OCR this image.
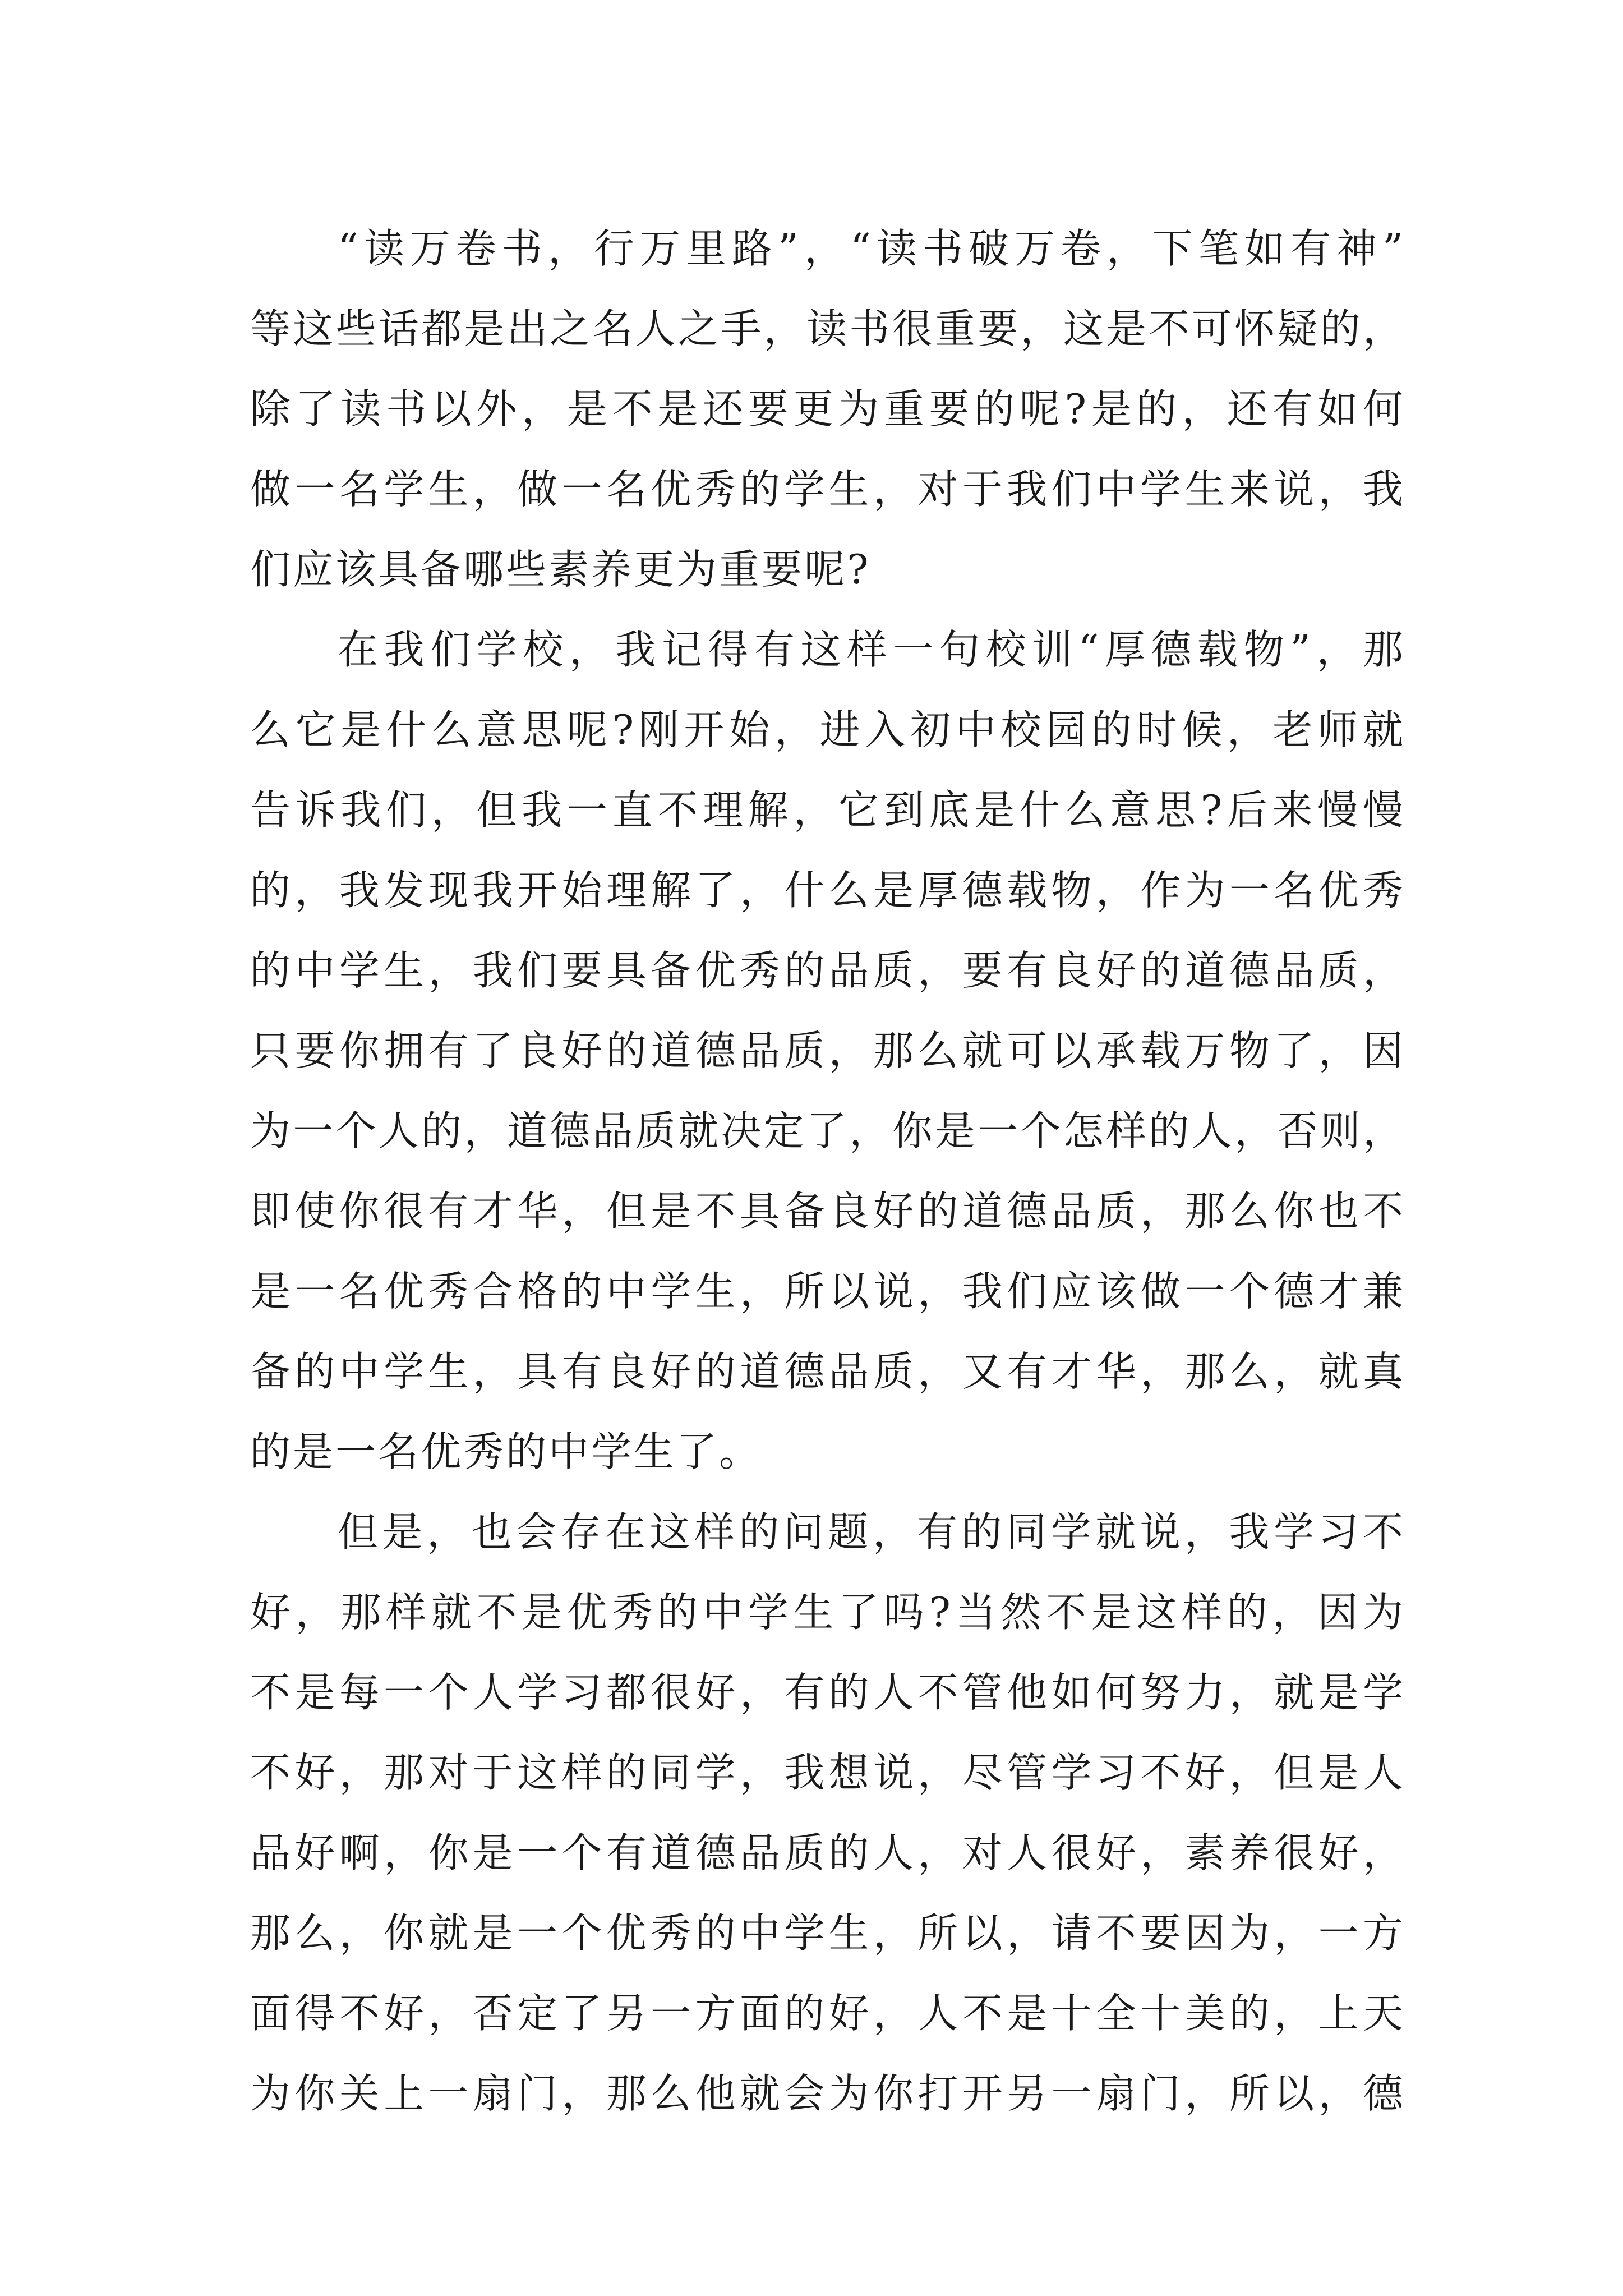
“读万卷书，行万里路”，“读书破万卷，下笔如有神”
等这些话都是出之名人之手，读书很重要，这是不可怀疑的，
除了读书以外，是不是还要更为重要的呢?是的，还有如何
做一名学生，做一名优秀的学生，对于我们中学生来说，我
们应该具备哪些素养更为重要呢?
在我们学校，我记得有这样一句校训“厚德载物”，那
么它是什么意思呢?刚开始，进入初中校园的时候，老师就
告诉我们，但我一直不理解，它到底是什么意思?后来慢慢
的，我发现我开始理解了，什么是厚德载物，作为一名优秀
的中学生，我们要具备优秀的品质，要有良好的道德品质，
只要你拥有了良好的道德品质，那么就可以承载万物了，因
为一个人的，道德品质就决定了，你是一个怎样的人，否则，
即使你很有才华，但是不具备良好的道德品质，那么你也不
是一名优秀合格的中学生，所以说，我们应该做一个德才兼
备的中学生，具有良好的道德品质，又有才华，那么，就真
的是一名优秀的中学生了。
但是，也会存在这样的问题，有的同学就说，我学习不
好，那样就不是优秀的中学生了吗?当然不是这样的，因为
不是每一个人学习都很好，有的人不管他如何努力，就是学
不好，那对于这样的同学，我想说，尽管学习不好，但是人
品好啊，你是一个有道德品质的人，对人很好，素养很好，
那么，你就是一个优秀的中学生，所以，请不要因为，一方
面得不好，否定了另一方面的好，人不是十全十美的，上天
为你关上一扇门，那么他就会为你打开另一扇门，所以，德
